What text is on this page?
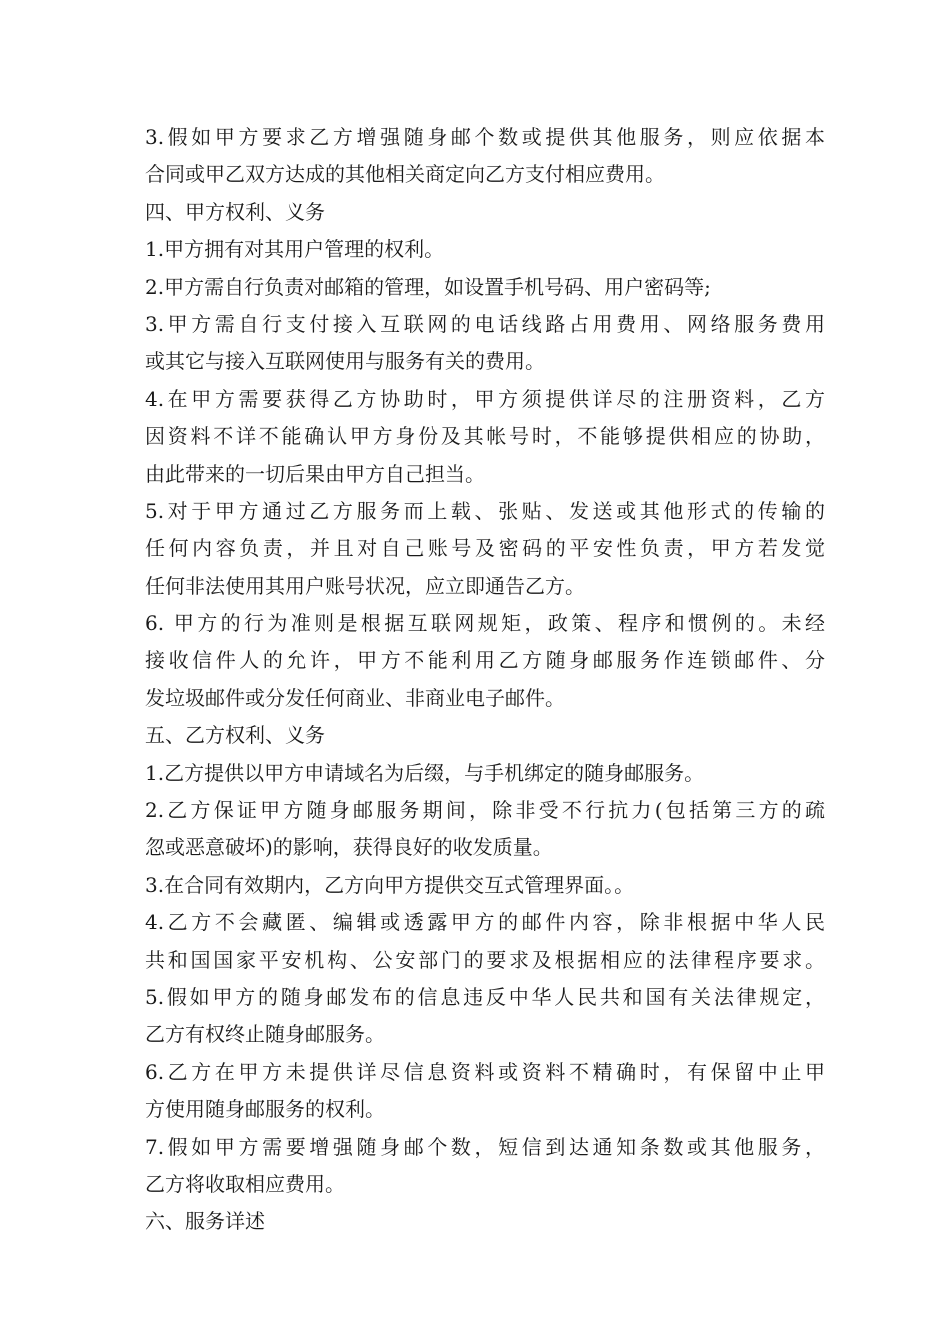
3.假如甲方要求乙方增强随身邮个数或提供其他服务，则应依据本
合同或甲乙双方达成的其他相关商定向乙方支付相应费用。
四、甲方权利、义务
1.甲方拥有对其用户管理的权利。
2.甲方需自行负责对邮箱的管理，如设置手机号码、用户密码等;
3.甲方需自行支付接入互联网的电话线路占用费用、网络服务费用
或其它与接入互联网使用与服务有关的费用。
4.在甲方需要获得乙方协助时，甲方须提供详尽的注册资料，乙方
因资料不详不能确认甲方身份及其帐号时，不能够提供相应的协助，
由此带来的一切后果由甲方自己担当。
5.对于甲方通过乙方服务而上载、张贴、发送或其他形式的传输的
任何内容负责，并且对自己账号及密码的平安性负责，甲方若发觉
任何非法使用其用户账号状况，应立即通告乙方。
6. 甲方的行为准则是根据互联网规矩，政策、程序和惯例的。未经
接收信件人的允许，甲方不能利用乙方随身邮服务作连锁邮件、分
发垃圾邮件或分发任何商业、非商业电子邮件。
五、乙方权利、义务
1.乙方提供以甲方申请域名为后缀，与手机绑定的随身邮服务。
2.乙方保证甲方随身邮服务期间，除非受不行抗力(包括第三方的疏
忽或恶意破坏)的影响，获得良好的收发质量。
3.在合同有效期内，乙方向甲方提供交互式管理界面。。
4.乙方不会藏匿、编辑或透露甲方的邮件内容，除非根据中华人民
共和国国家平安机构、公安部门的要求及根据相应的法律程序要求。
5.假如甲方的随身邮发布的信息违反中华人民共和国有关法律规定，
乙方有权终止随身邮服务。
6.乙方在甲方未提供详尽信息资料或资料不精确时，有保留中止甲
方使用随身邮服务的权利。
7.假如甲方需要增强随身邮个数，短信到达通知条数或其他服务，
乙方将收取相应费用。
六、服务详述
